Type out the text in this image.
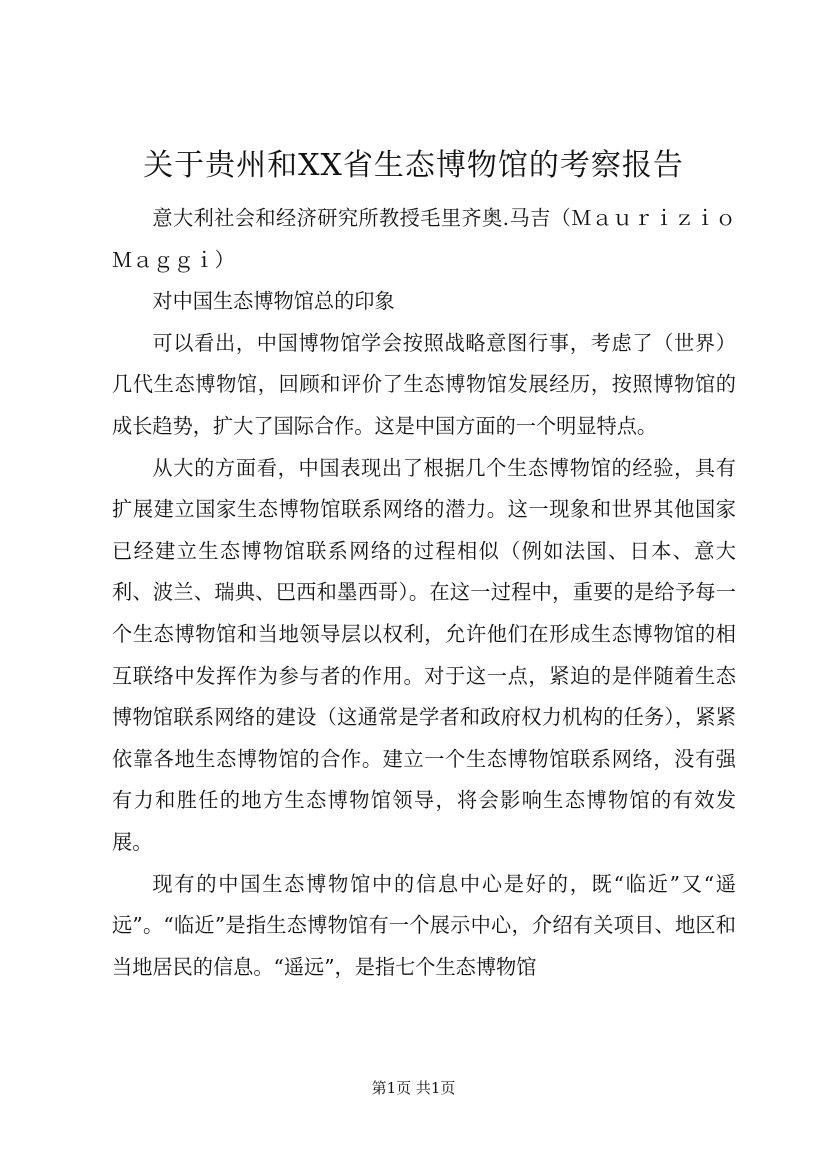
关于贵州和XX省生态博物馆的考察报告

意大利社会和经济研究所教授毛里齐奥.马吉（Ｍａｕｒｉｚｉｏ Ｍａｇｇｉ）

对中国生态博物馆总的印象

可以看出，中国博物馆学会按照战略意图行事，考虑了（世界）几代生态博物馆，回顾和评价了生态博物馆发展经历，按照博物馆的成长趋势，扩大了国际合作。这是中国方面的一个明显特点。

从大的方面看，中国表现出了根据几个生态博物馆的经验，具有扩展建立国家生态博物馆联系网络的潜力。这一现象和世界其他国家已经建立生态博物馆联系网络的过程相似（例如法国、日本、意大利、波兰、瑞典、巴西和墨西哥）。在这一过程中，重要的是给予每一个生态博物馆和当地领导层以权利，允许他们在形成生态博物馆的相互联络中发挥作为参与者的作用。对于这一点，紧迫的是伴随着生态博物馆联系网络的建设（这通常是学者和政府权力机构的任务），紧紧依靠各地生态博物馆的合作。建立一个生态博物馆联系网络，没有强有力和胜任的地方生态博物馆领导，将会影响生态博物馆的有效发展。

现有的中国生态博物馆中的信息中心是好的，既“临近”又“遥远”。“临近”是指生态博物馆有一个展示中心，介绍有关项目、地区和当地居民的信息。“遥远”，是指七个生态博物馆

第1页 共1页
